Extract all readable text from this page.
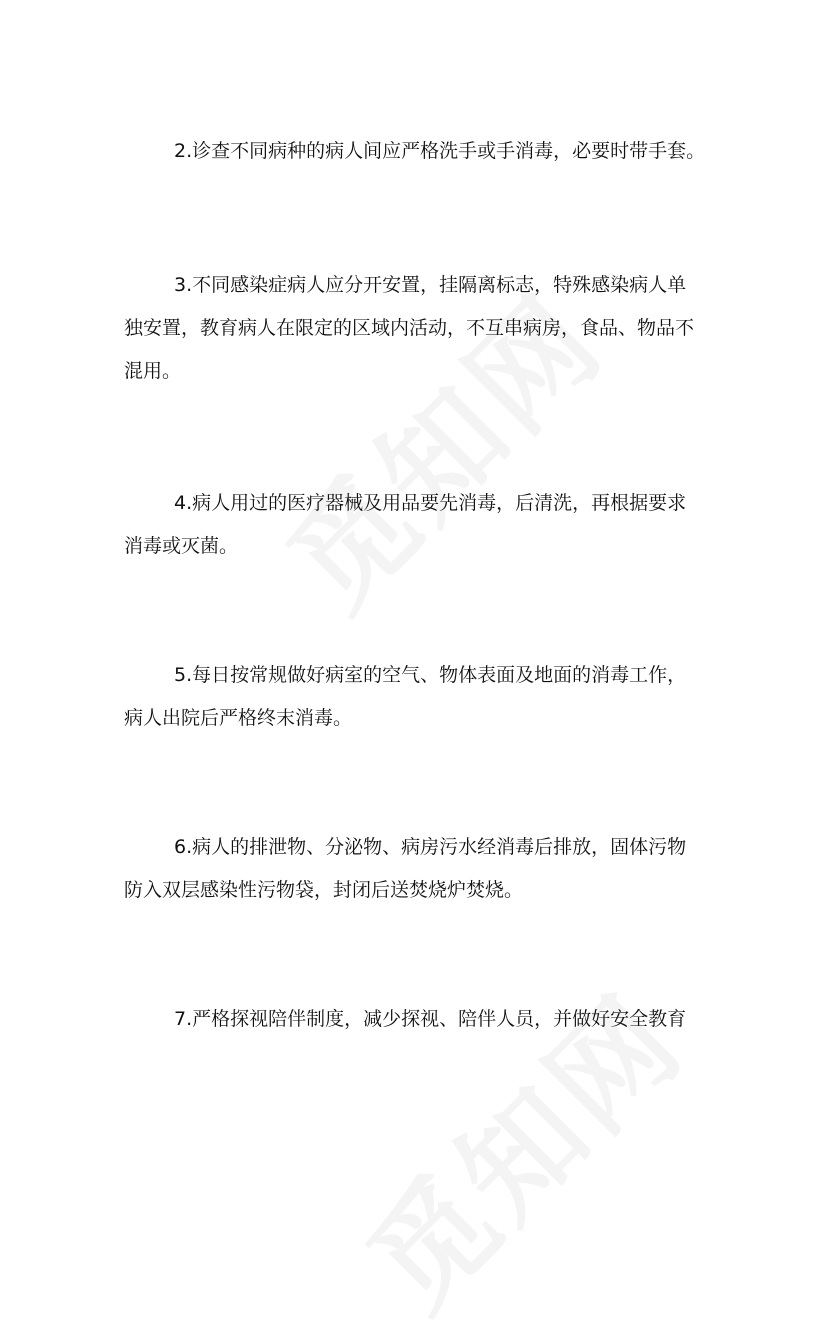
2.诊查不同病种的病人间应严格洗手或手消毒，必要时带手套。

3.不同感染症病人应分开安置，挂隔离标志，特殊感染病人单
独安置，教育病人在限定的区域内活动，不互串病房，食品、物品不
混用。

4.病人用过的医疗器械及用品要先消毒，后清洗，再根据要求
消毒或灭菌。

5.每日按常规做好病室的空气、物体表面及地面的消毒工作，
病人出院后严格终末消毒。

6.病人的排泄物、分泌物、病房污水经消毒后排放，固体污物
防入双层感染性污物袋，封闭后送焚烧炉焚烧。

7.严格探视陪伴制度，减少探视、陪伴人员，并做好安全教育
